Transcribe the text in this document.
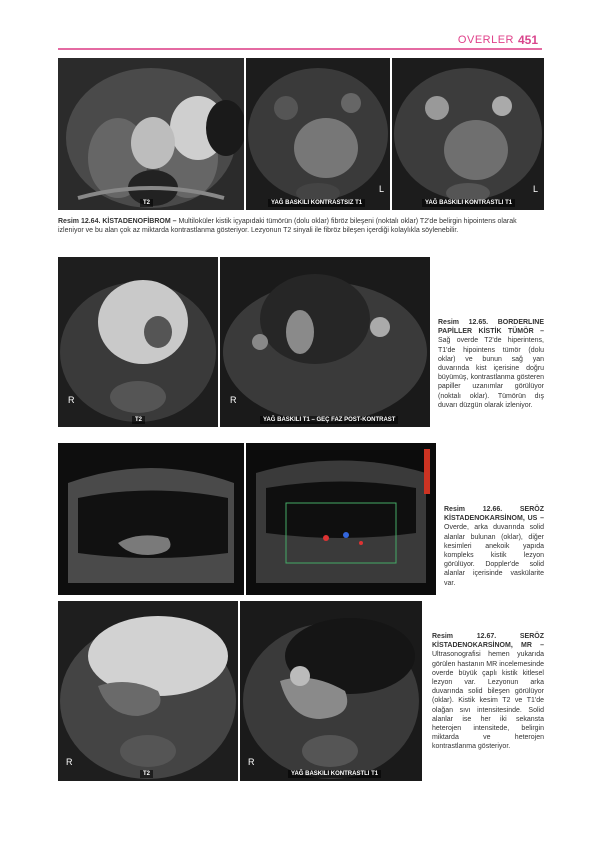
OVERLER 451
T2	YAĞ BASKILI KONTRASTSIZ T1
L
YAĞ BASKILI KONTRASTLI T1
L
Resim 12.64. KİSTADENOFİBROM – Multiloküler kistik içyapıdaki tümörün (dolu oklar) fibröz bileşeni (noktalı oklar) T2'de belirgin hipointens olarak izleniyor ve bu alan çok az miktarda kontrastlanma gösteriyor. Lezyonun T2 sinyali ile fibröz bileşen içerdiği kolaylıkla söylenebilir.
T2
R
YAĞ BASKILI T1 – GEÇ FAZ POST-KONTRAST
R
Resim 12.65. BORDERLINE PAPİLLER KİSTİK TÜMÖR – Sağ overde T2'de hiperintens, T1'de hipointens tümör (dolu oklar) ve bunun sağ yan duvarında kist içerisine doğru büyümüş, kontrastlanma gösteren papiller uzanımlar görülüyor (noktalı oklar). Tümörün dış duvarı düzgün olarak izleniyor.
Resim 12.66. SERÖZ KİSTADENOKARSİNOM, US – Overde, arka duvarında solid alanlar bulunan (oklar), diğer kesimleri anekoik yapıda kompleks kistik lezyon görülüyor. Doppler'de solid alanlar içerisinde vaskülarite var.
T2
R
YAĞ BASKILI KONTRASTLI T1
R
Resim 12.67. SERÖZ KİSTADENOKARSİNOM, MR – Ultrasonografisi hemen yukarıda görülen hastanın MR incelemesinde overde büyük çaplı kistik kitlesel lezyon var. Lezyonun arka duvarında solid bileşen görülüyor (oklar). Kistik kesim T2 ve T1'de olağan sıvı intensitesinde. Solid alanlar ise her iki sekansta heterojen intensitede, belirgin miktarda ve heterojen kontrastlanma gösteriyor.
